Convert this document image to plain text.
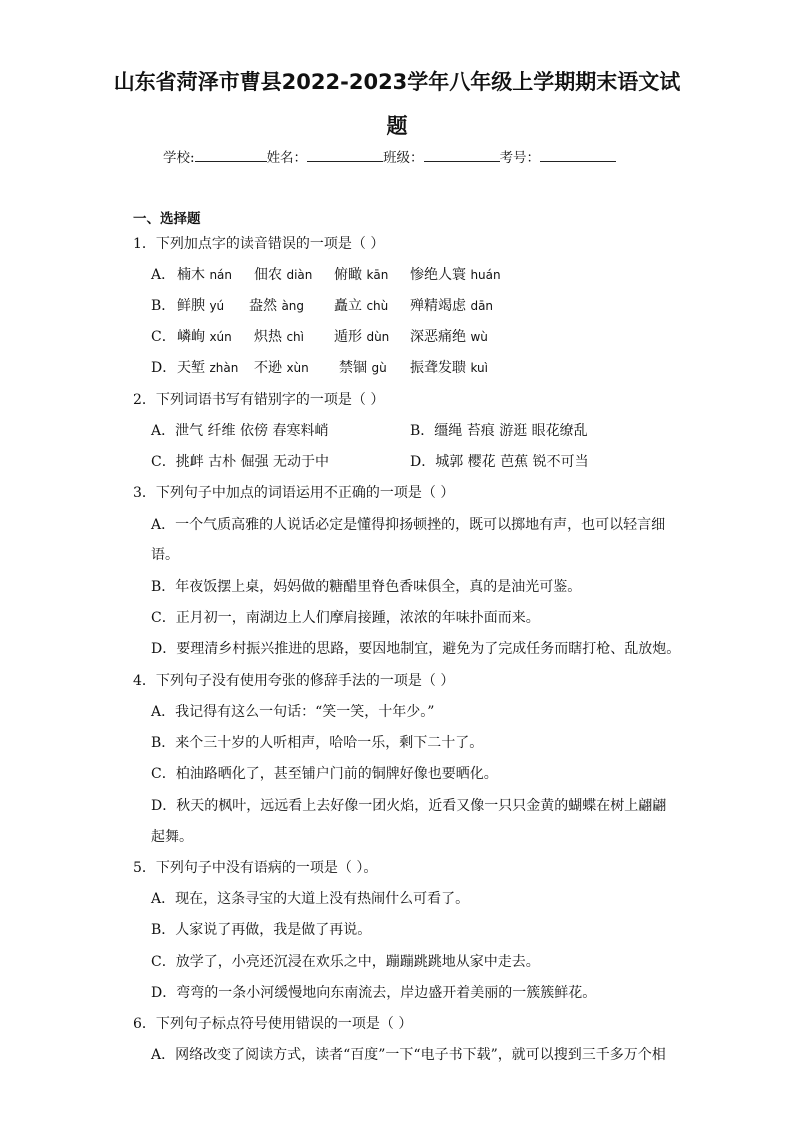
山东省菏泽市曹县2022-2023学年八年级上学期期末语文试
题
学校:	姓名：	班级：	考号：
一、选择题
1．下列加点字的读音错误的一项是（ ）
A． 楠木 nán 佃农 diàn 俯瞰 kān 惨绝人寰 huán
B． 鲜腴 yú 盎然 àng 矗立 chù 殚精竭虑 dān
C． 嶙峋 xún 炽热 chì 遁形 dùn 深恶痛绝 wù
D． 天堑 zhàn 不逊 xùn 禁锢 gù 振聋发聩 kuì
2．下列词语书写有错别字的一项是（ ）
A．泄气 纤维 依傍 春寒料峭	B．缰绳 苔痕 游逛 眼花缭乱
C．挑衅 古朴 倔强 无动于中	D．城郭 樱花 芭蕉 锐不可当
3．下列句子中加点的词语运用不正确的一项是（ ）
A．一个气质高雅的人说话必定是懂得抑扬顿挫的，既可以掷地有声，也可以轻言细
语。
B．年夜饭摆上桌，妈妈做的糖醋里脊色香味俱全，真的是油光可鉴。
C．正月初一，南湖边上人们摩肩接踵，浓浓的年味扑面而来。
D．要理清乡村振兴推进的思路，要因地制宜，避免为了完成任务而瞎打枪、乱放炮。
4．下列句子没有使用夸张的修辞手法的一项是（ ）
A．我记得有这么一句话：“笑一笑，十年少。”
B．来个三十岁的人听相声，哈哈一乐，剩下二十了。
C．柏油路晒化了，甚至铺户门前的铜牌好像也要晒化。
D．秋天的枫叶，远远看上去好像一团火焰，近看又像一只只金黄的蝴蝶在树上翩翩
起舞。
5．下列句子中没有语病的一项是（ ）。
A．现在，这条寻宝的大道上没有热闹什么可看了。
B．人家说了再做，我是做了再说。
C．放学了，小亮还沉浸在欢乐之中，蹦蹦跳跳地从家中走去。
D．弯弯的一条小河缓慢地向东南流去，岸边盛开着美丽的一簇簇鲜花。
6．下列句子标点符号使用错误的一项是（ ）
A．网络改变了阅读方式，读者“百度”一下“电子书下载”，就可以搜到三千多万个相
